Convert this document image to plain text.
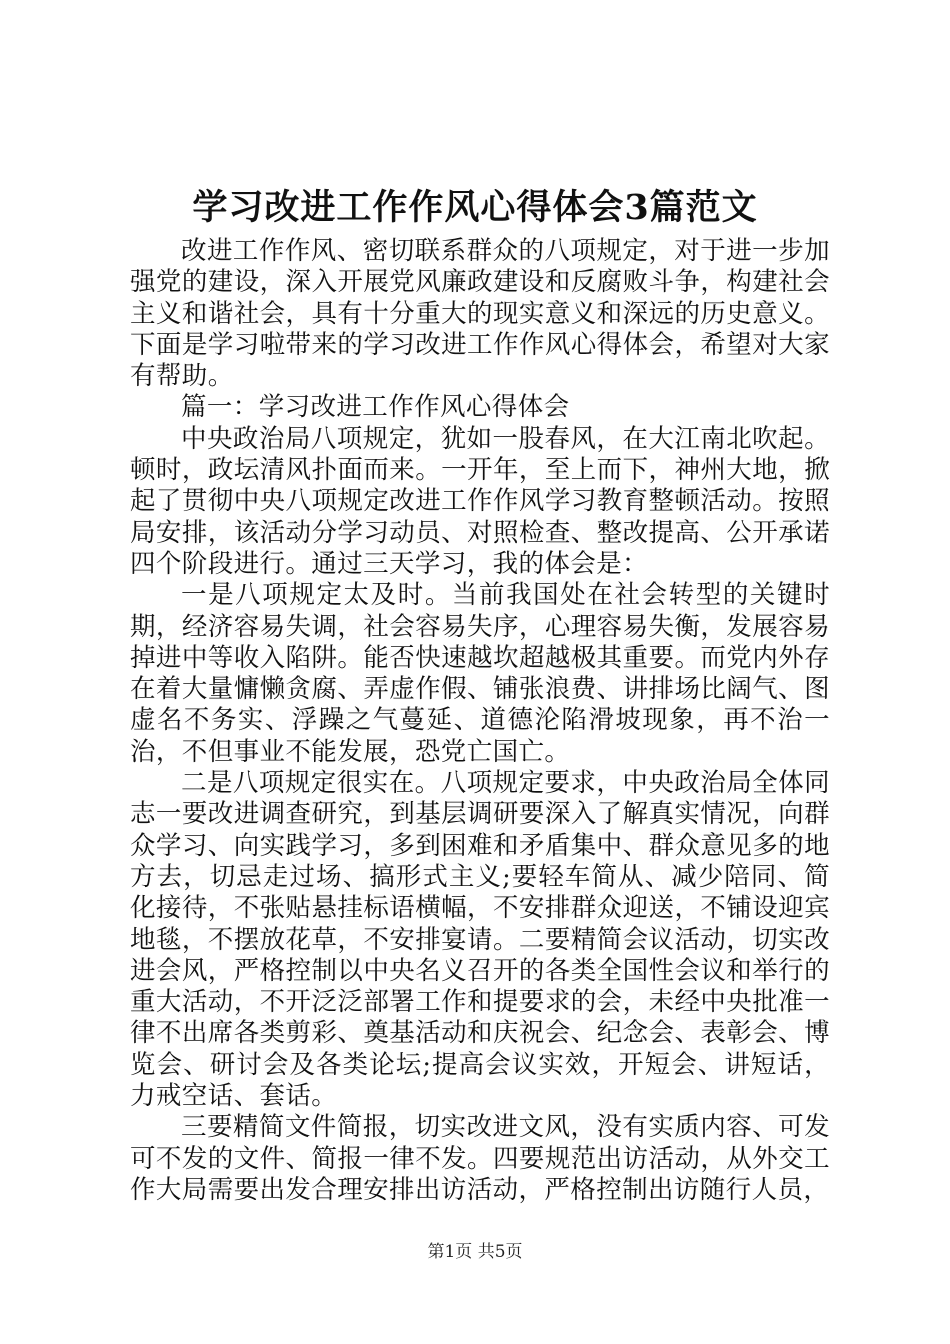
学习改进工作作风心得体会3篇范文

改进工作作风、密切联系群众的八项规定，对于进一步加强党的建设，深入开展党风廉政建设和反腐败斗争，构建社会主义和谐社会，具有十分重大的现实意义和深远的历史意义。下面是学习啦带来的学习改进工作作风心得体会，希望对大家有帮助。

篇一：学习改进工作作风心得体会

中央政治局八项规定，犹如一股春风，在大江南北吹起。顿时，政坛清风扑面而来。一开年，至上而下，神州大地，掀起了贯彻中央八项规定改进工作作风学习教育整顿活动。按照局安排，该活动分学习动员、对照检查、整改提高、公开承诺四个阶段进行。通过三天学习，我的体会是：

一是八项规定太及时。当前我国处在社会转型的关键时期，经济容易失调，社会容易失序，心理容易失衡，发展容易掉进中等收入陷阱。能否快速越坎超越极其重要。而党内外存在着大量慵懒贪腐、弄虚作假、铺张浪费、讲排场比阔气、图虚名不务实、浮躁之气蔓延、道德沦陷滑坡现象，再不治一治，不但事业不能发展，恐党亡国亡。

二是八项规定很实在。八项规定要求，中央政治局全体同志一要改进调查研究，到基层调研要深入了解真实情况，向群众学习、向实践学习，多到困难和矛盾集中、群众意见多的地方去，切忌走过场、搞形式主义;要轻车简从、减少陪同、简化接待，不张贴悬挂标语横幅，不安排群众迎送，不铺设迎宾地毯，不摆放花草，不安排宴请。二要精简会议活动，切实改进会风，严格控制以中央名义召开的各类全国性会议和举行的重大活动，不开泛泛部署工作和提要求的会，未经中央批准一律不出席各类剪彩、奠基活动和庆祝会、纪念会、表彰会、博览会、研讨会及各类论坛;提高会议实效，开短会、讲短话，力戒空话、套话。

三要精简文件简报，切实改进文风，没有实质内容、可发可不发的文件、简报一律不发。四要规范出访活动，从外交工作大局需要出发合理安排出访活动，严格控制出访随行人员，

第1页 共5页
